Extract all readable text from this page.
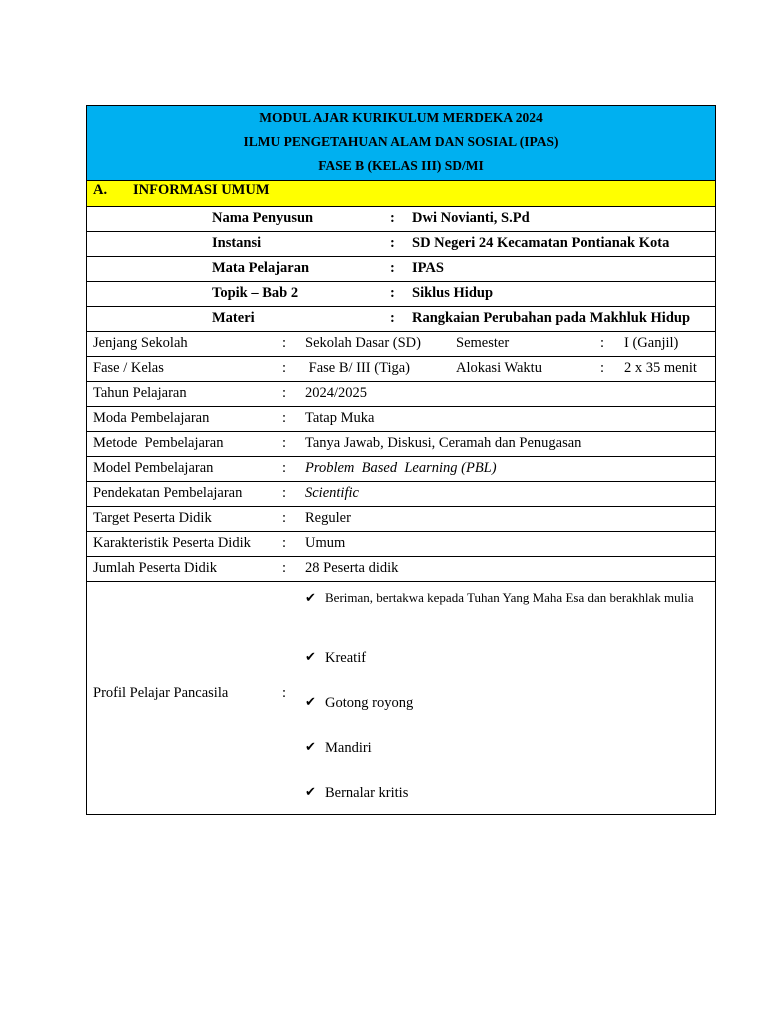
MODUL AJAR KURIKULUM MERDEKA 2024
ILMU PENGETAHUAN ALAM DAN SOSIAL (IPAS)
FASE B (KELAS III) SD/MI
A. INFORMASI UMUM
Nama Penyusun	: Dwi Novianti, S.Pd
Instansi	: SD Negeri 24 Kecamatan Pontianak Kota
Mata Pelajaran	: IPAS
Topik – Bab 2	: Siklus Hidup
Materi	: Rangkaian Perubahan pada Makhluk Hidup
Jenjang Sekolah	: Sekolah Dasar (SD) Semester	: I (Ganjil)
Fase / Kelas	: Fase B/ III (Tiga)	Alokasi Waktu	: 2 x 35 menit
Tahun Pelajaran	: 2024/2025
Moda Pembelajaran	: Tatap Muka
Metode  Pembelajaran	: Tanya Jawab, Diskusi, Ceramah dan Penugasan
Model Pembelajaran	: Problem  Based  Learning (PBL)
Pendekatan Pembelajaran	: Scientific
Target Peserta Didik	: Reguler
Karakteristik Peserta Didik : Umum
Jumlah Peserta Didik	: 28 Peserta didik
Profil Pelajar Pancasila	:
✔ Beriman, bertakwa kepada Tuhan Yang Maha Esa dan berakhlak mulia
✔ Kreatif
✔ Gotong royong
✔ Mandiri
✔ Bernalar kritis
